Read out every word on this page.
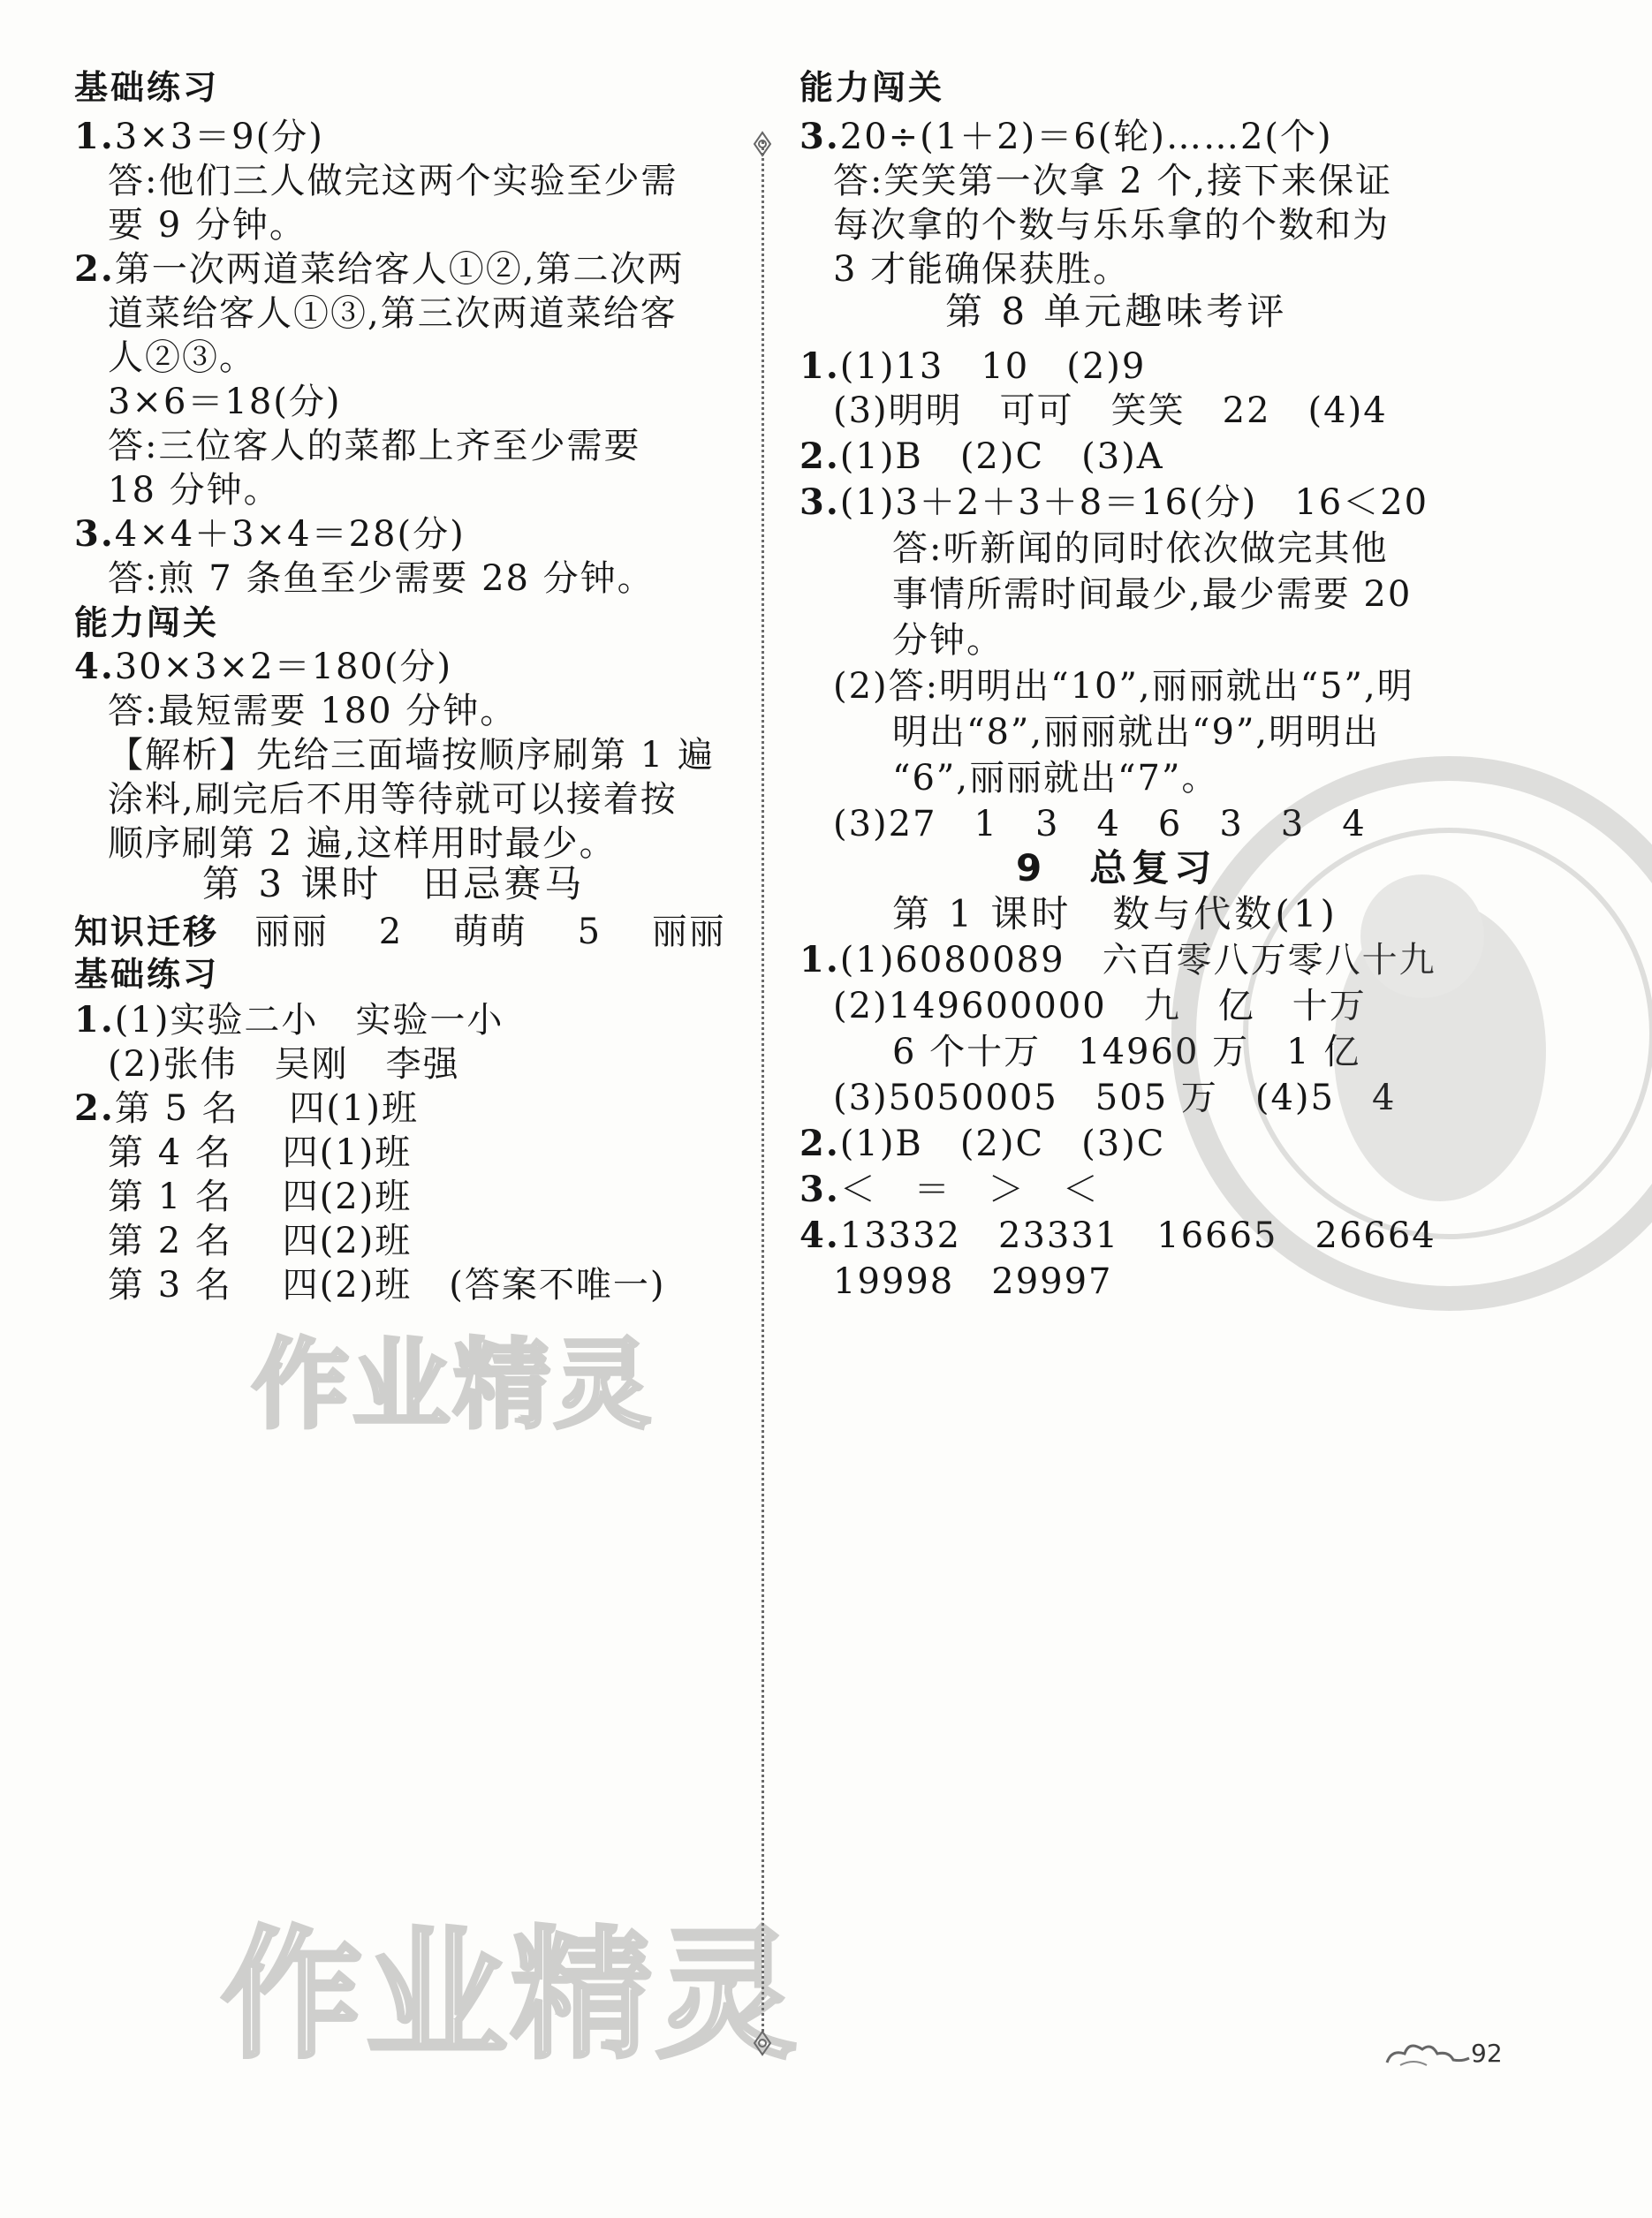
基础练习
1.3×3＝9(分)
答:他们三人做完这两个实验至少需
要 9 分钟。
2.第一次两道菜给客人①②,第二次两
道菜给客人①③,第三次两道菜给客
人②③。
3×6＝18(分)
答:三位客人的菜都上齐至少需要
18 分钟。
3.4×4＋3×4＝28(分)
答:煎 7 条鱼至少需要 28 分钟。
能力闯关
4.30×3×2＝180(分)
答:最短需要 180 分钟。
【解析】先给三面墙按顺序刷第 1 遍
涂料,刷完后不用等待就可以接着按
顺序刷第 2 遍,这样用时最少。
第 3 课时　田忌赛马
知识迁移 丽丽　 2　 萌萌　 5　 丽丽
基础练习
1.(1)实验二小　实验一小
(2)张伟　吴刚　李强
2.第 5 名　 四(1)班
第 4 名　 四(1)班
第 1 名　 四(2)班
第 2 名　 四(2)班
第 3 名　 四(2)班　(答案不唯一)
能力闯关
3.20÷(1＋2)＝6(轮)……2(个)
答:笑笑第一次拿 2 个,接下来保证
每次拿的个数与乐乐拿的个数和为
3 才能确保获胜。
第 8 单元趣味考评
1.(1)13　10　(2)9
(3)明明　可可　笑笑　22　(4)4
2.(1)B　(2)C　(3)A
3.(1)3＋2＋3＋8＝16(分)　16＜20
答:听新闻的同时依次做完其他
事情所需时间最少,最少需要 20
分钟。
(2)答:明明出“10”,丽丽就出“5”,明
明出“8”,丽丽就出“9”,明明出
“6”,丽丽就出“7”。
(3)27　1　3　4　6　3　3　4
9　总复习
第 1 课时　数与代数(1)
1.(1)6080089　六百零八万零八十九
(2)149600000　九　亿　十万
6 个十万　14960 万　1 亿
(3)5050005　505 万　(4)5　4
2.(1)B　(2)C　(3)C
3.＜　＝　＞　＜
4.13332　23331　16665　26664
19998　29997
作业精灵
作业精灵	92
